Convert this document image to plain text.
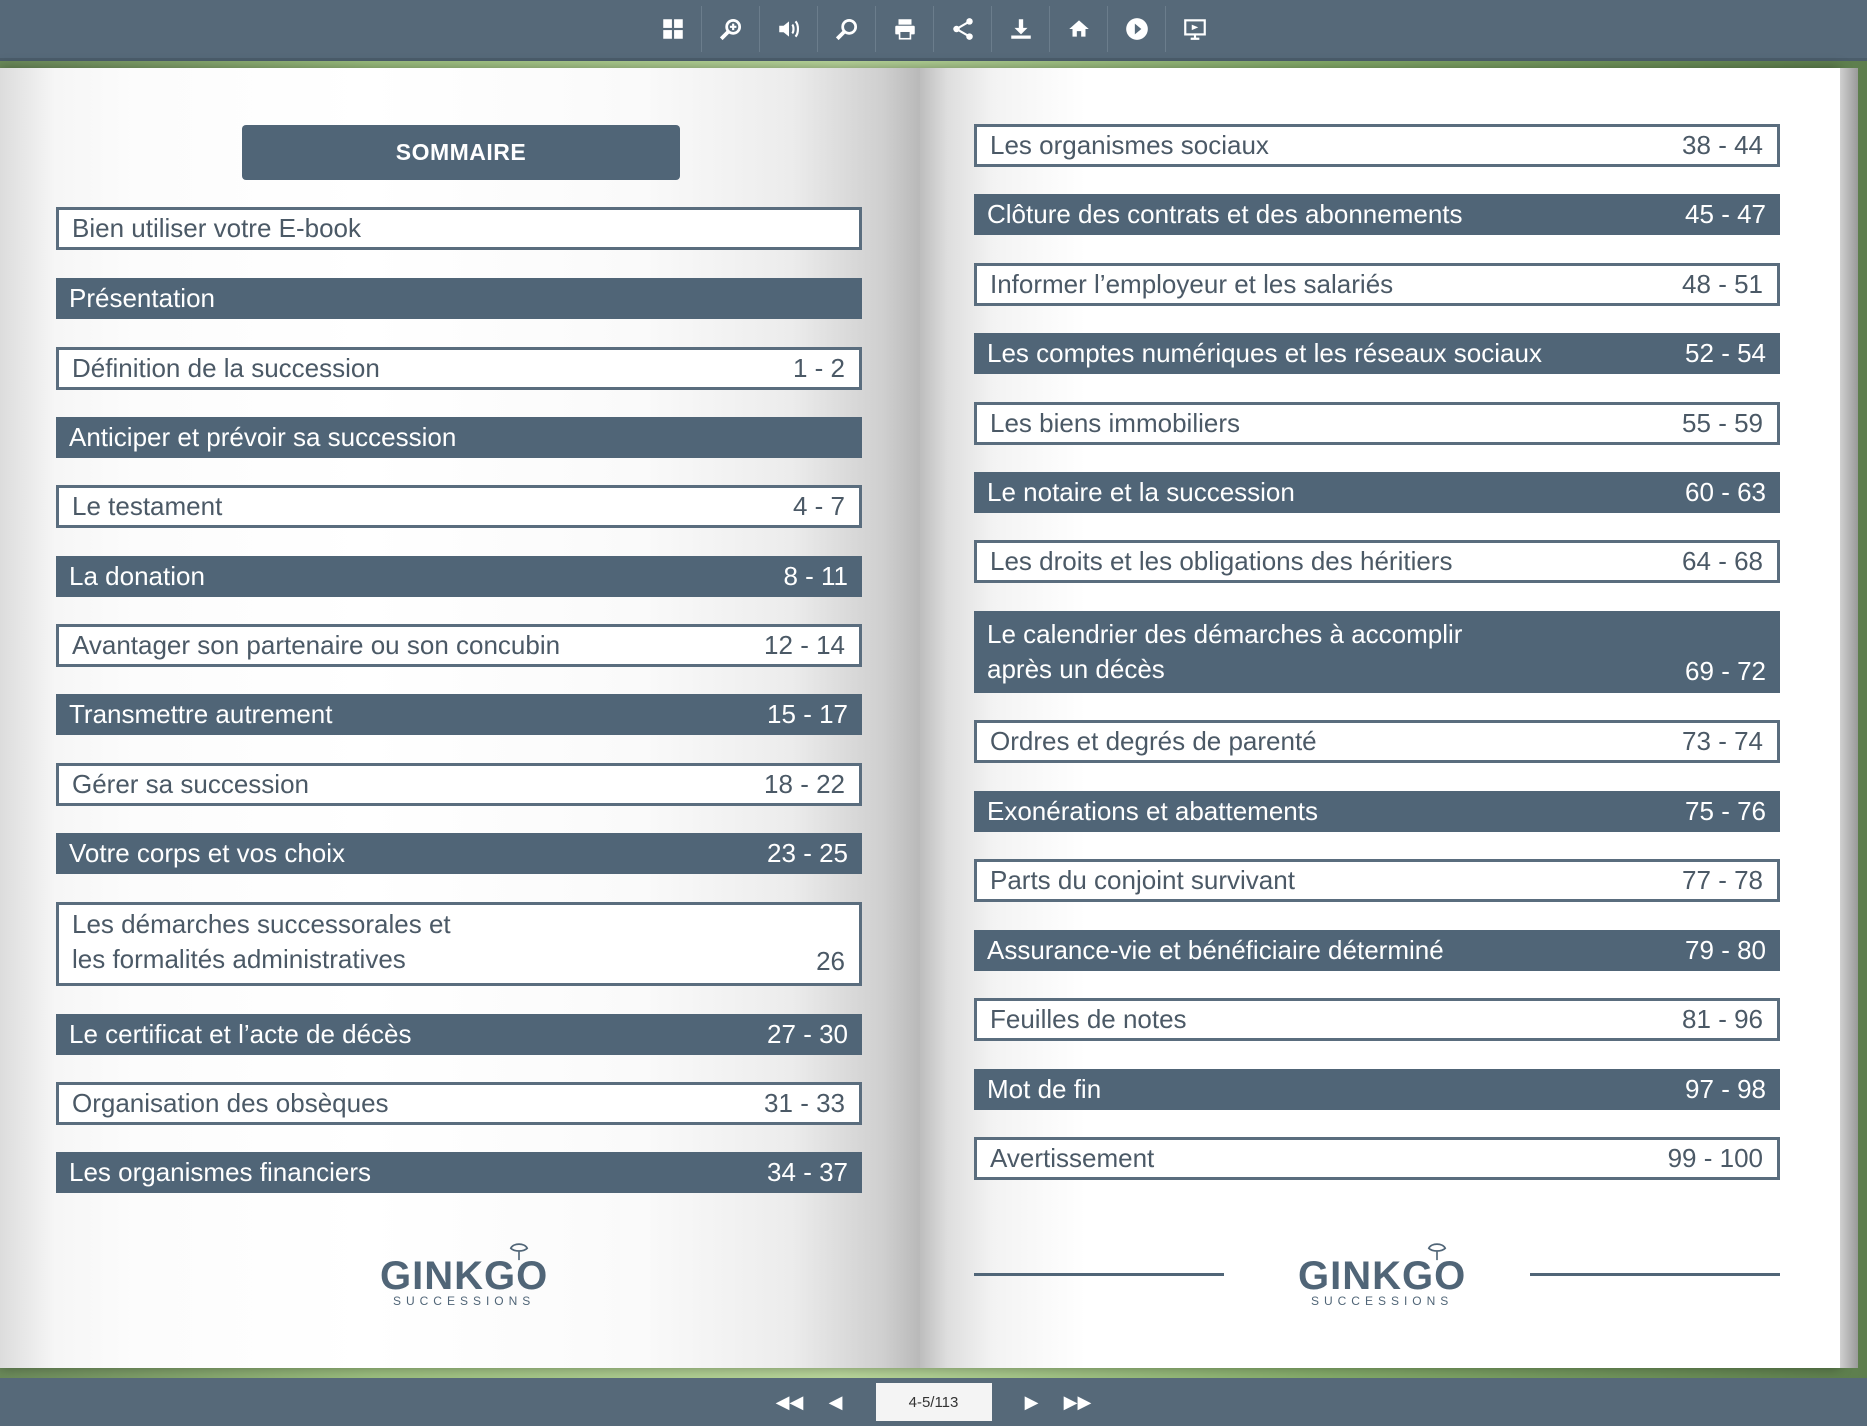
SOMMAIRE
Bien utiliser votre E-book
Présentation
Définition de la succession	1 - 2
Anticiper et prévoir sa succession
Le testament	4 - 7
La donation	8 - 11
Avantager son partenaire ou son concubin	12 - 14
Transmettre autrement	15 - 17
Gérer sa succession	18 - 22
Votre corps et vos choix	23 - 25
Les démarches successorales et
les formalités administratives	26
Le certificat et l’acte de décès	27 - 30
Organisation des obsèques	31 - 33
Les organismes financiers	34 - 37
GINKGO
SUCCESSIONS
Les organismes sociaux	38 - 44
Clôture des contrats et des abonnements	45 - 47
Informer l’employeur et les salariés	48 - 51
Les comptes numériques et les réseaux sociaux	52 - 54
Les biens immobiliers	55 - 59
Le notaire et la succession	60 - 63
Les droits et les obligations des héritiers	64 - 68
Le calendrier des démarches à accomplir
après un décès	69 - 72
Ordres et degrés de parenté	73 - 74
Exonérations et abattements	75 - 76
Parts du conjoint survivant	77 - 78
Assurance-vie et bénéficiaire déterminé	79 - 80
Feuilles de notes	81 - 96
Mot de fin	97 - 98
Avertissement	99 - 100
GINKGO
SUCCESSIONS
◀◀	◀
4-5/113	▶	▶▶
